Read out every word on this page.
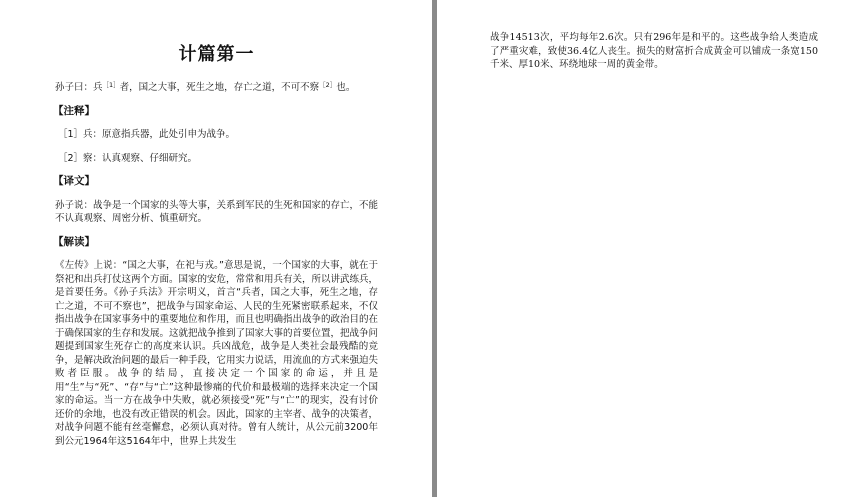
计篇第一

孙子曰：兵$^{[1]}$者，国之大事，死生之地，存亡之道，不可不察$^{[2]}$也。

【注释】

［1］兵：原意指兵器，此处引申为战争。

［2］察：认真观察、仔细研究。

【译文】

孙子说：战争是一个国家的头等大事，关系到军民的生死和国家的存亡，不能不认真观察、周密分析、慎重研究。

【解读】

《左传》上说：“国之大事，在祀与戎。”意思是说，一个国家的大事，就在于祭祀和出兵打仗这两个方面。国家的安危，常常和用兵有关，所以讲武练兵，是首要任务。《孙子兵法》开宗明义，首言“兵者，国之大事，死生之地，存亡之道，不可不察也”，把战争与国家命运、人民的生死紧密联系起来，不仅指出战争在国家事务中的重要地位和作用，而且也明确指出战争的政治目的在于确保国家的生存和发展。这就把战争推到了国家大事的首要位置，把战争问题提到国家生死存亡的高度来认识。兵凶战危，战争是人类社会最残酷的竞争，是解决政治问题的最后一种手段，它用实力说话，用流血的方式来强迫失败者臣服。战争的结局，直接决定一个国家的命运，并且是用“生”与“死”、“存”与“亡”这种最惨痛的代价和最极端的选择来决定一个国家的命运。当一方在战争中失败，就必须接受“死”与“亡”的现实，没有讨价还价的余地，也没有改正错误的机会。因此，国家的主宰者、战争的决策者，对战争问题不能有丝毫懈怠，必须认真对待。曾有人统计，从公元前3200年到公元1964年这5164年中，世界上共发生

战争14513次，平均每年2.6次。只有296年是和平的。这些战争给人类造成了严重灾难，致使36.4亿人丧生。损失的财富折合成黄金可以铺成一条宽150千米、厚10米、环绕地球一周的黄金带。
